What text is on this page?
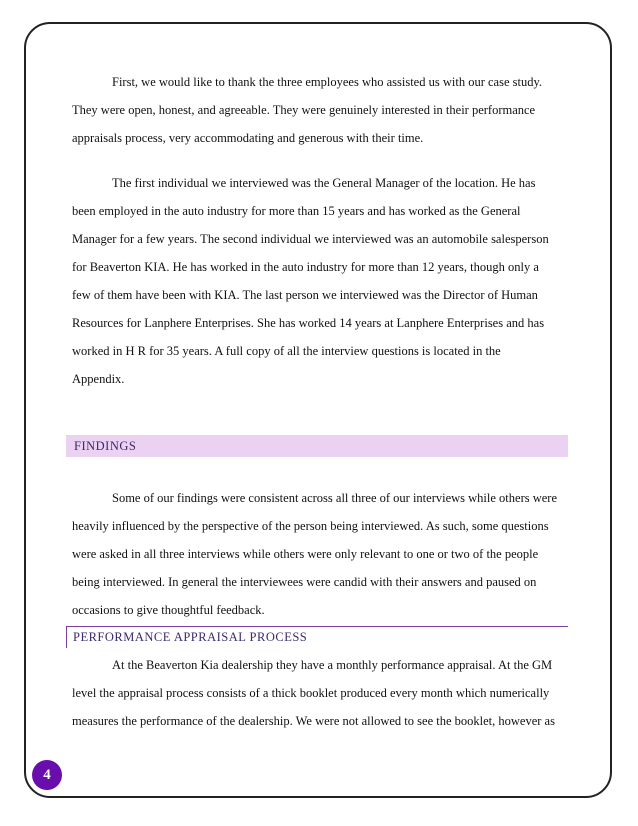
First, we would like to thank the three employees who assisted us with our case study.

They were open, honest, and agreeable. They were genuinely interested in their performance

appraisals process, very accommodating and generous with their time.

The first individual we interviewed was the General Manager of the location. He has

been employed in the auto industry for more than 15 years and has worked as the General

Manager for a few years. The second individual we interviewed was an automobile salesperson

for Beaverton KIA. He has worked in the auto industry for more than 12 years, though only a

few of them have been with KIA. The last person we interviewed was the Director of Human

Resources for Lanphere Enterprises. She has worked 14 years at Lanphere Enterprises and has

worked in H R for 35 years. A full copy of all the interview questions is located in the

Appendix.

Some of our findings were consistent across all three of our interviews while others were

heavily influenced by the perspective of the person being interviewed. As such, some questions

were asked in all three interviews while others were only relevant to one or two of the people

being interviewed. In general the interviewees were candid with their answers and paused on

occasions to give thoughtful feedback.

At the Beaverton Kia dealership they have a monthly performance appraisal. At the GM

level the appraisal process consists of a thick booklet produced every month which numerically

measures the performance of the dealership. We were not allowed to see the booklet, however as

FINDINGS
PERFORMANCE APPRAISAL PROCESS
4
